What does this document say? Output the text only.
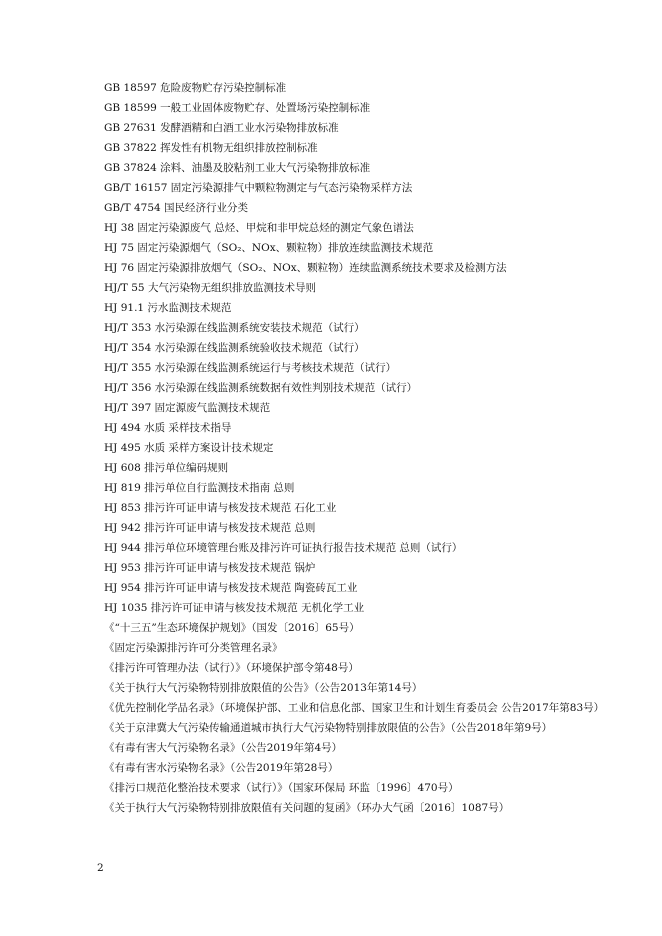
GB 18597 危险废物贮存污染控制标准
GB 18599 一般工业固体废物贮存、处置场污染控制标准
GB 27631 发酵酒精和白酒工业水污染物排放标准
GB 37822 挥发性有机物无组织排放控制标准
GB 37824 涂料、油墨及胶粘剂工业大气污染物排放标准
GB/T 16157 固定污染源排气中颗粒物测定与气态污染物采样方法
GB/T 4754 国民经济行业分类
HJ 38 固定污染源废气 总烃、甲烷和非甲烷总烃的测定气象色谱法
HJ 75 固定污染源烟气（SO₂、NOx、颗粒物）排放连续监测技术规范
HJ 76 固定污染源排放烟气（SO₂、NOx、颗粒物）连续监测系统技术要求及检测方法
HJ/T 55 大气污染物无组织排放监测技术导则
HJ 91.1 污水监测技术规范
HJ/T 353 水污染源在线监测系统安装技术规范（试行）
HJ/T 354 水污染源在线监测系统验收技术规范（试行）
HJ/T 355 水污染源在线监测系统运行与考核技术规范（试行）
HJ/T 356 水污染源在线监测系统数据有效性判别技术规范（试行）
HJ/T 397 固定源废气监测技术规范
HJ 494 水质 采样技术指导
HJ 495 水质 采样方案设计技术规定
HJ 608 排污单位编码规则
HJ 819 排污单位自行监测技术指南 总则
HJ 853 排污许可证申请与核发技术规范 石化工业
HJ 942 排污许可证申请与核发技术规范 总则
HJ 944 排污单位环境管理台账及排污许可证执行报告技术规范 总则（试行）
HJ 953 排污许可证申请与核发技术规范 锅炉
HJ 954 排污许可证申请与核发技术规范 陶瓷砖瓦工业
HJ 1035 排污许可证申请与核发技术规范 无机化学工业
《“十三五”生态环境保护规划》（国发〔2016〕65号）
《固定污染源排污许可分类管理名录》
《排污许可管理办法（试行）》（环境保护部令第48号）
《关于执行大气污染物特别排放限值的公告》（公告2013年第14号）
《优先控制化学品名录》（环境保护部、工业和信息化部、国家卫生和计划生育委员会 公告2017年第83号）
《关于京津冀大气污染传输通道城市执行大气污染物特别排放限值的公告》（公告2018年第9号）
《有毒有害大气污染物名录》（公告2019年第4号）
《有毒有害水污染物名录》（公告2019年第28号）
《排污口规范化整治技术要求（试行）》（国家环保局 环监〔1996〕470号）
《关于执行大气污染物特别排放限值有关问题的复函》（环办大气函〔2016〕1087号）
2
